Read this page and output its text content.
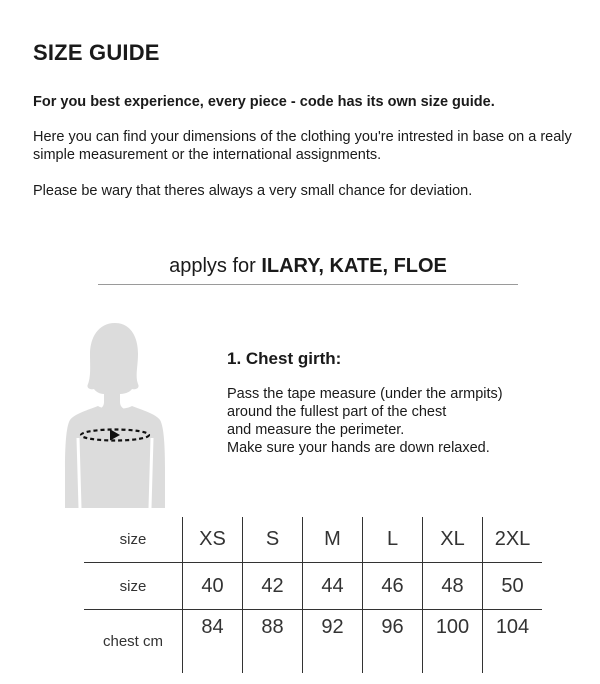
SIZE GUIDE
For you best experience, every piece - code has its own size guide.
Here you can find your dimensions of the clothing you're intrested in base on a realy simple measurement or the international assignments.
Please be wary that theres always a very small chance for deviation.
applys for ILARY, KATE, FLOE
1. Chest girth:
Pass the tape measure (under the armpits)
around the fullest part of the chest
and measure the perimeter.
Make sure your hands are down relaxed.
size	XS	S	M	L	XL	2XL
size	40	42	44	46	48	50
chest cm	84	88	92	96	100	104
